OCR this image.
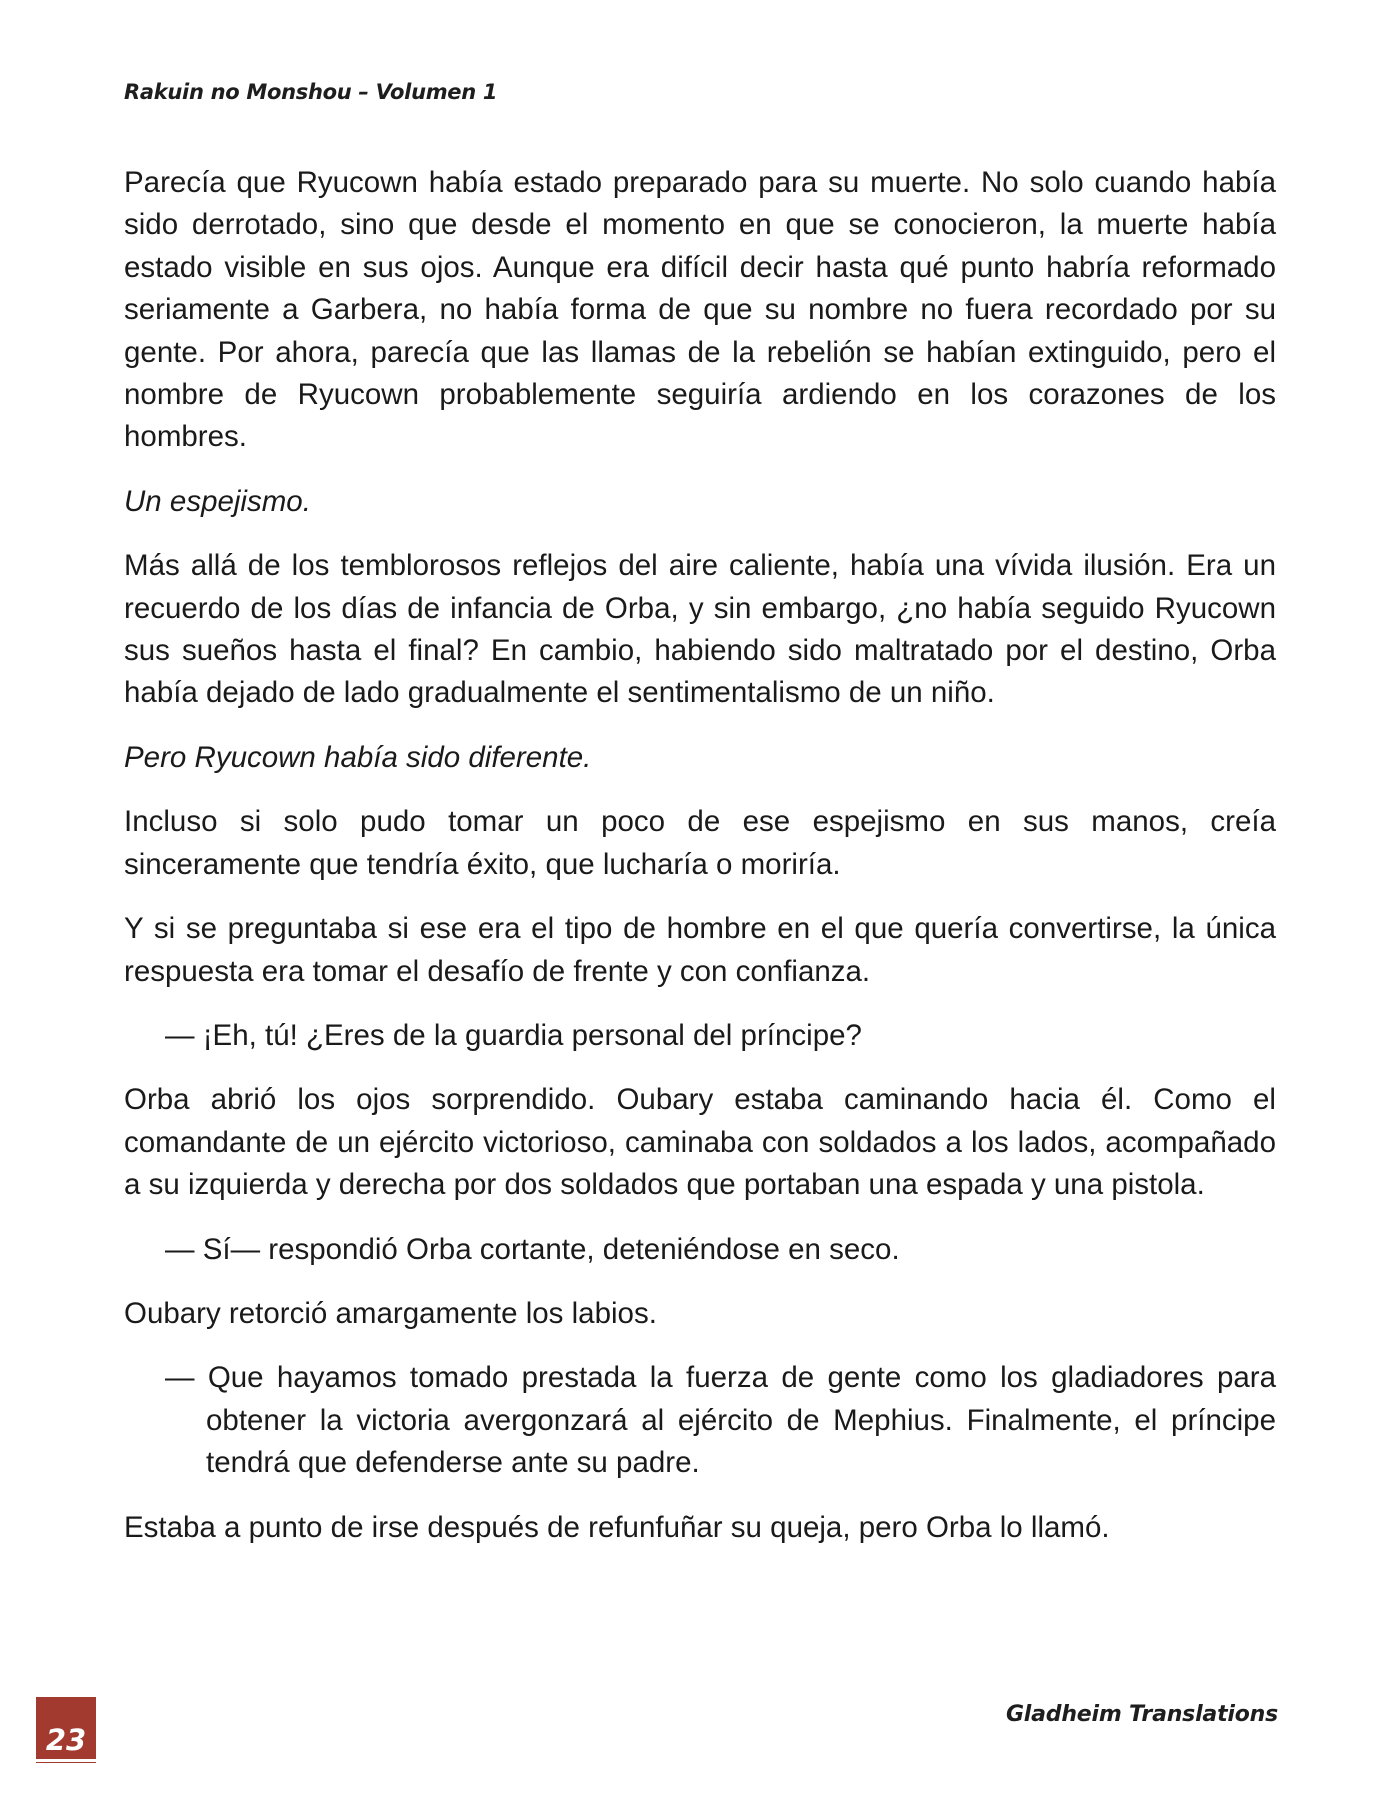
Rakuin no Monshou – Volumen 1

Parecía que Ryucown había estado preparado para su muerte. No solo cuando había sido derrotado, sino que desde el momento en que se conocieron, la muerte había estado visible en sus ojos. Aunque era difícil decir hasta qué punto habría reformado seriamente a Garbera, no había forma de que su nombre no fuera recordado por su gente. Por ahora, parecía que las llamas de la rebelión se habían extinguido, pero el nombre de Ryucown probablemente seguiría ardiendo en los corazones de los hombres.

Un espejismo.

Más allá de los temblorosos reflejos del aire caliente, había una vívida ilusión. Era un recuerdo de los días de infancia de Orba, y sin embargo, ¿no había seguido Ryucown sus sueños hasta el final? En cambio, habiendo sido maltratado por el destino, Orba había dejado de lado gradualmente el sentimentalismo de un niño.

Pero Ryucown había sido diferente.

Incluso si solo pudo tomar un poco de ese espejismo en sus manos, creía sinceramente que tendría éxito, que lucharía o moriría.

Y si se preguntaba si ese era el tipo de hombre en el que quería convertirse, la única respuesta era tomar el desafío de frente y con confianza.

— ¡Eh, tú! ¿Eres de la guardia personal del príncipe?

Orba abrió los ojos sorprendido. Oubary estaba caminando hacia él. Como el comandante de un ejército victorioso, caminaba con soldados a los lados, acompañado a su izquierda y derecha por dos soldados que portaban una espada y una pistola.

— Sí— respondió Orba cortante, deteniéndose en seco.

Oubary retorció amargamente los labios.

— Que hayamos tomado prestada la fuerza de gente como los gladiadores para obtener la victoria avergonzará al ejército de Mephius. Finalmente, el príncipe tendrá que defenderse ante su padre.

Estaba a punto de irse después de refunfuñar su queja, pero Orba lo llamó.

23
Gladheim Translations
